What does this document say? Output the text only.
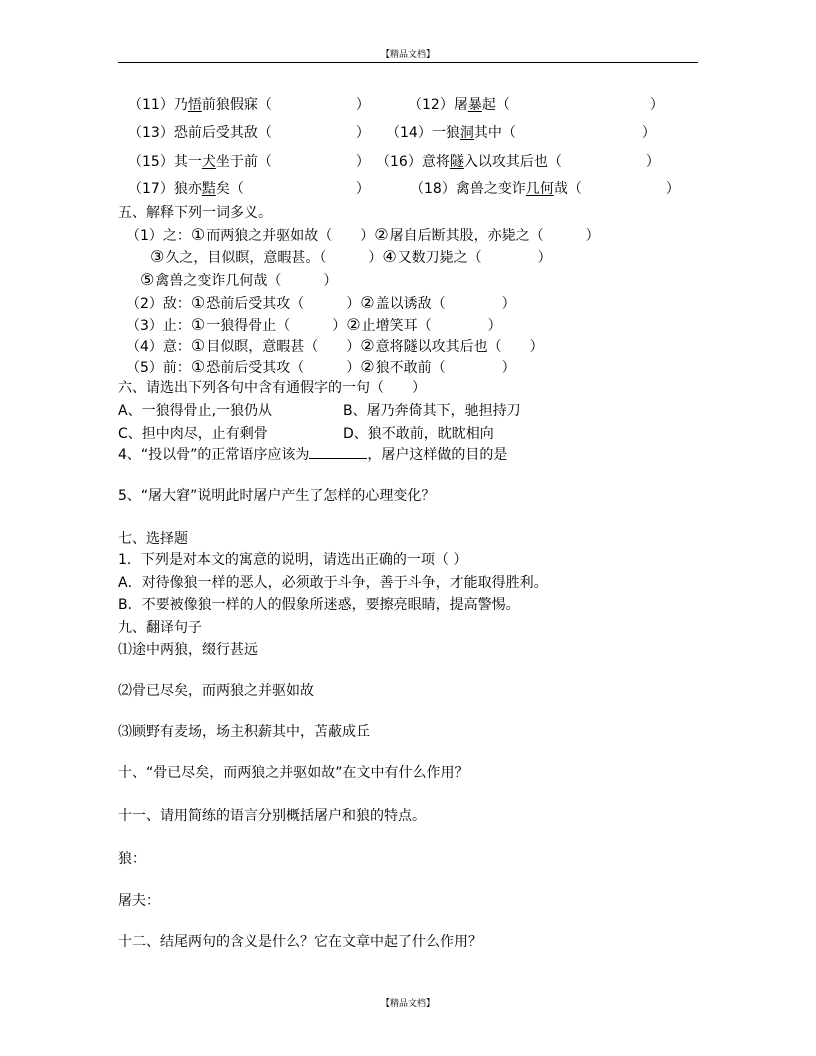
【精品文档】
（11）乃悟前狼假寐（　　　　　　）	（12）屠暴起（　　　　　　　　　　）
（13）恐前后受其敌（　　　　　　） （14）一狼洞其中（　　　　　　　　　）
（15）其一犬坐于前（　　　　　　） （16）意将隧入以攻其后也（　　　　　　）
（17）狼亦黠矣（　　　　　　　　）	（18）禽兽之变诈几何哉（　　　　　　）
五、解释下列一词多义。
（1）之：①而两狼之并驱如故（　　）②屠自后断其股，亦毙之（　　　）
③久之，目似瞑，意暇甚。（　　　）④又数刀毙之（　　　　）
⑤禽兽之变诈几何哉（　　　）
（2）敌：①恐前后受其攻（　　　）②盖以诱敌（　　　　）
（3）止：①一狼得骨止（　　　）②止增笑耳（　　　　）
（4）意：①目似瞑，意暇甚（　　）②意将隧以攻其后也（　　）
（5）前：①恐前后受其攻（　　　）②狼不敢前（　　　　）
六、请选出下列各句中含有通假字的一句（　　）
A、一狼得骨止,一狼仍从	B、屠乃奔倚其下，驰担持刀
C、担中肉尽，止有剩骨	D、狼不敢前，眈眈相向
4、“投以骨”的正常语序应该为	，屠户这样做的目的是
5、“屠大窘”说明此时屠户产生了怎样的心理变化？
七、选择题
1．下列是对本文的寓意的说明，请选出正确的一项（ ）
A．对待像狼一样的恶人，必须敢于斗争，善于斗争，才能取得胜利。
B．不要被像狼一样的人的假象所迷惑，要擦亮眼睛，提高警惕。
九、翻译句子
⑴途中两狼，缀行甚远
⑵骨已尽矣，而两狼之并驱如故
⑶顾野有麦场，场主积薪其中，苫蔽成丘
十、“骨已尽矣，而两狼之并驱如故”在文中有什么作用？
十一、请用简练的语言分别概括屠户和狼的特点。
狼：
屠夫：
十二、结尾两句的含义是什么？它在文章中起了什么作用？
【精品文档】
